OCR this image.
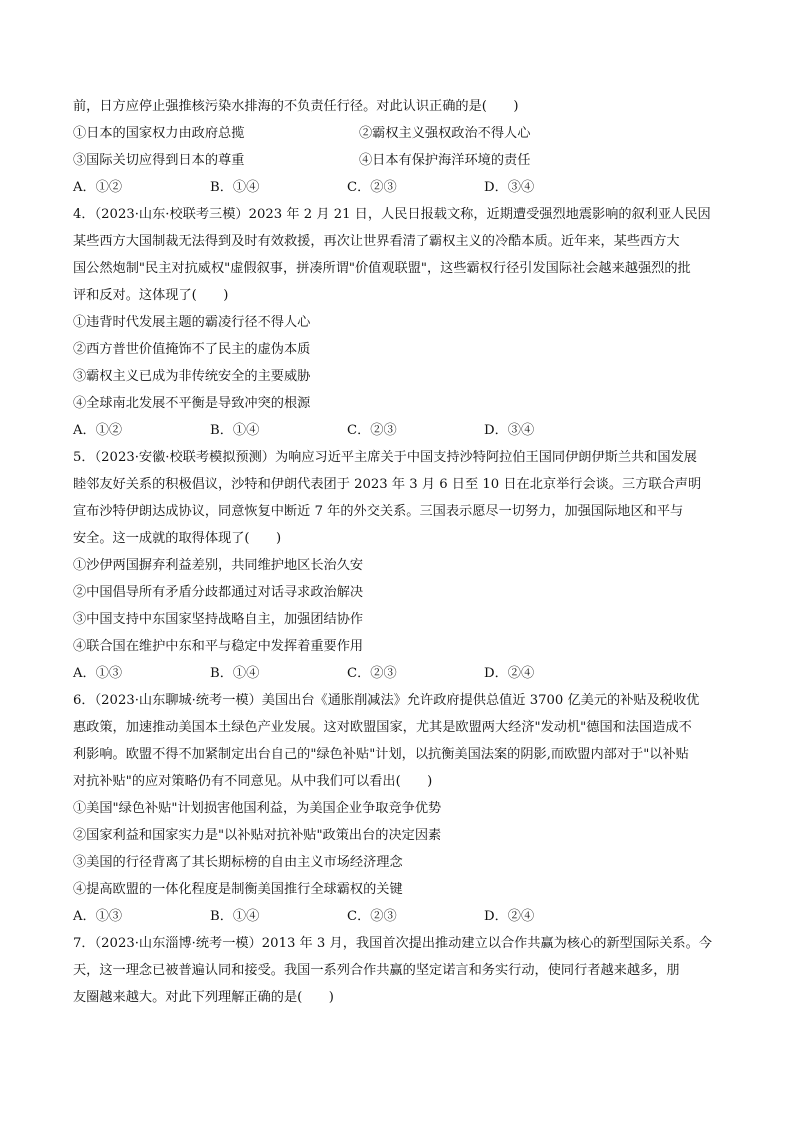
前，日方应停止强推核污染水排海的不负责任行径。对此认识正确的是(　　)

①日本的国家权力由政府总揽	②霸权主义强权政治不得人心
③国际关切应得到日本的尊重	④日本有保护海洋环境的责任
A．①②	B．①④	C．②③	D．③④
4．（2023·山东·校联考三模）2023 年 2 月 21 日，人民日报载文称，近期遭受强烈地震影响的叙利亚人民因
某些西方大国制裁无法得到及时有效救援，再次让世界看清了霸权主义的冷酷本质。近年来，某些西方大
国公然炮制"民主对抗威权"虚假叙事，拼凑所谓"价值观联盟"，这些霸权行径引发国际社会越来越强烈的批
评和反对。这体现了(　　)

①违背时代发展主题的霸凌行径不得人心

②西方普世价值掩饰不了民主的虚伪本质

③霸权主义已成为非传统安全的主要威胁

④全球南北发展不平衡是导致冲突的根源

A．①②	B．①④	C．②③	D．③④
5．（2023·安徽·校联考模拟预测）为响应习近平主席关于中国支持沙特阿拉伯王国同伊朗伊斯兰共和国发展
睦邻友好关系的积极倡议，沙特和伊朗代表团于 2023 年 3 月 6 日至 10 日在北京举行会谈。三方联合声明
宣布沙特伊朗达成协议，同意恢复中断近 7 年的外交关系。三国表示愿尽一切努力，加强国际地区和平与
安全。这一成就的取得体现了(　　)

①沙伊两国摒弃利益差别，共同维护地区长治久安

②中国倡导所有矛盾分歧都通过对话寻求政治解决

③中国支持中东国家坚持战略自主，加强团结协作

④联合国在维护中东和平与稳定中发挥着重要作用

A．①③	B．①④	C．②③	D．②④
6．（2023·山东聊城·统考一模）美国出台《通胀削减法》允许政府提供总值近 3700 亿美元的补贴及税收优
惠政策，加速推动美国本土绿色产业发展。这对欧盟国家，尤其是欧盟两大经济"发动机"德国和法国造成不
利影响。欧盟不得不加紧制定出台自己的"绿色补贴"计划，以抗衡美国法案的阴影,而欧盟内部对于"以补贴
对抗补贴"的应对策略仍有不同意见。从中我们可以看出(　　)

①美国"绿色补贴"计划损害他国利益，为美国企业争取竞争优势

②国家利益和国家实力是"以补贴对抗补贴"政策出台的决定因素

③美国的行径背离了其长期标榜的自由主义市场经济理念

④提高欧盟的一体化程度是制衡美国推行全球霸权的关键

A．①③	B．①④	C．②③	D．②④
7．（2023·山东淄博·统考一模）2013 年 3 月，我国首次提出推动建立以合作共赢为核心的新型国际关系。今
天，这一理念已被普遍认同和接受。我国一系列合作共赢的坚定诺言和务实行动，使同行者越来越多，朋
友圈越来越大。对此下列理解正确的是(　　)
